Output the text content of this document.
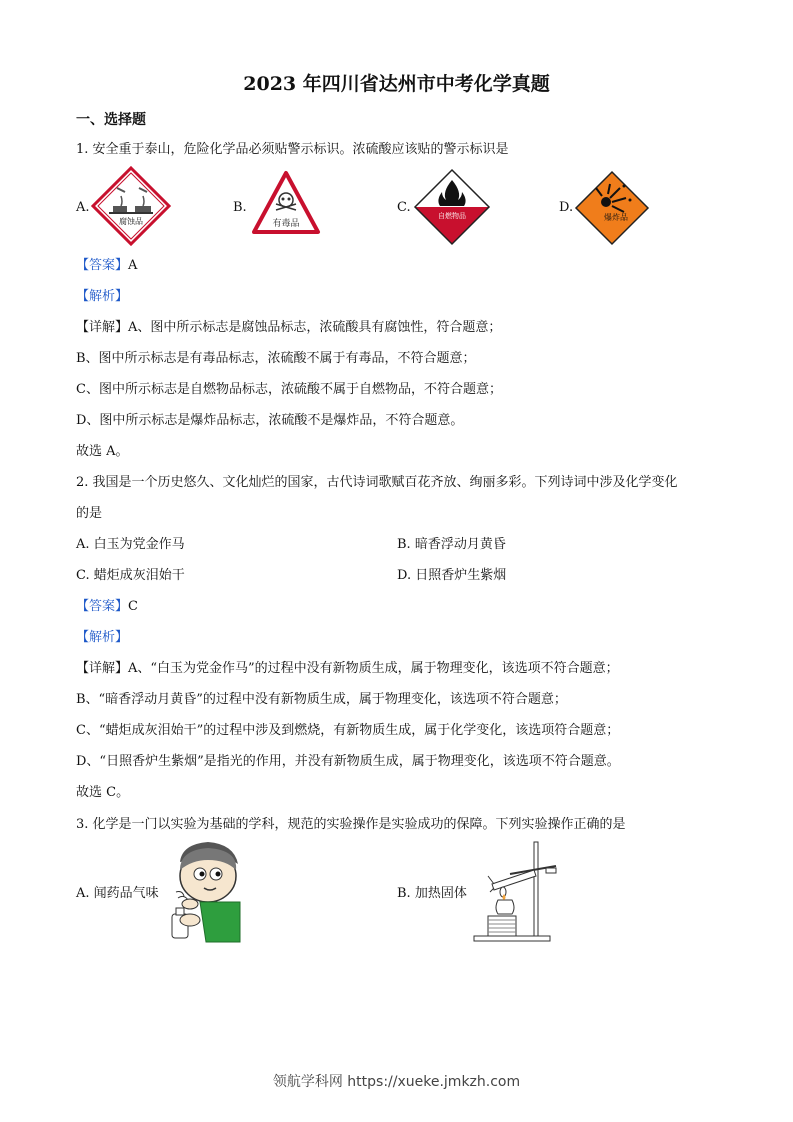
2023 年四川省达州市中考化学真题
一、选择题
1. 安全重于泰山，危险化学品必须贴警示标识。浓硫酸应该贴的警示标识是
A.
腐蚀品
B.
有毒品
C.
自燃物品
D.
爆炸品
【答案】A
【解析】
【详解】A、图中所示标志是腐蚀品标志，浓硫酸具有腐蚀性，符合题意；
B、图中所示标志是有毒品标志，浓硫酸不属于有毒品，不符合题意；
C、图中所示标志是自燃物品标志，浓硫酸不属于自燃物品，不符合题意；
D、图中所示标志是爆炸品标志，浓硫酸不是爆炸品，不符合题意。
故选 A。
2. 我国是一个历史悠久、文化灿烂的国家，古代诗词歌赋百花齐放、绚丽多彩。下列诗词中涉及化学变化
的是
A. 白玉为党金作马	B. 暗香浮动月黄昏
C. 蜡炬成灰泪始干	D. 日照香炉生紫烟
【答案】C
【解析】
【详解】A、“白玉为党金作马”的过程中没有新物质生成，属于物理变化，该选项不符合题意；
B、“暗香浮动月黄昏”的过程中没有新物质生成，属于物理变化，该选项不符合题意；
C、“蜡炬成灰泪始干”的过程中涉及到燃烧，有新物质生成，属于化学变化，该选项符合题意；
D、“日照香炉生紫烟”是指光的作用，并没有新物质生成，属于物理变化，该选项不符合题意。
故选 C。
3. 化学是一门以实验为基础的学科，规范的实验操作是实验成功的保障。下列实验操作正确的是
A. 闻药品气味	B. 加热固体
领航学科网 https://xueke.jmkzh.com
